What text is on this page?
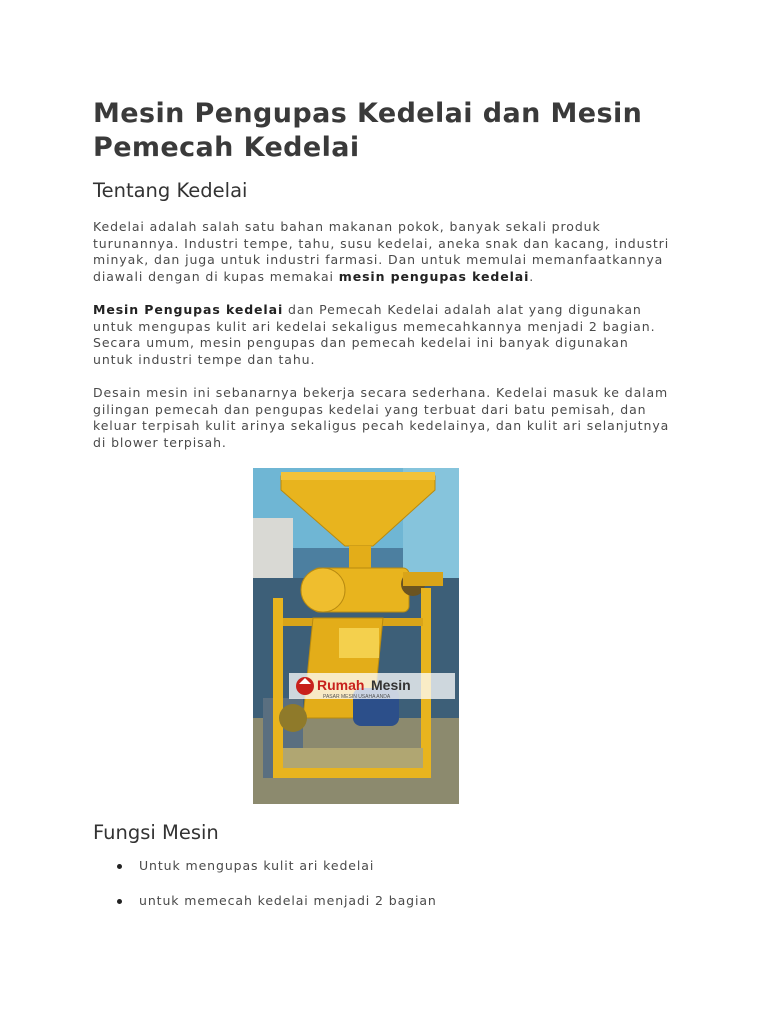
Mesin Pengupas Kedelai dan Mesin Pemecah Kedelai
Tentang Kedelai

Kedelai adalah salah satu bahan makanan pokok, banyak sekali produk turunannya. Industri tempe, tahu, susu kedelai, aneka snak dan kacang, industri minyak, dan juga untuk industri farmasi. Dan untuk memulai memanfaatkannya diawali dengan di kupas memakai mesin pengupas kedelai.

Mesin Pengupas kedelai dan Pemecah Kedelai adalah alat yang digunakan untuk mengupas kulit ari kedelai sekaligus memecahkannya menjadi 2 bagian. Secara umum, mesin pengupas dan pemecah kedelai ini banyak digunakan untuk industri tempe dan tahu.

Desain mesin ini sebanarnya bekerja secara sederhana. Kedelai masuk ke dalam gilingan pemecah dan pengupas kedelai yang terbuat dari batu pemisah, dan keluar terpisah kulit arinya sekaligus pecah kedelainya, dan kulit ari selanjutnya di blower terpisah.

Rumah Mesin
PASAR MESIN USAHA ANDA
Fungsi Mesin
Untuk mengupas kulit ari kedelai
untuk memecah kedelai menjadi 2 bagian
